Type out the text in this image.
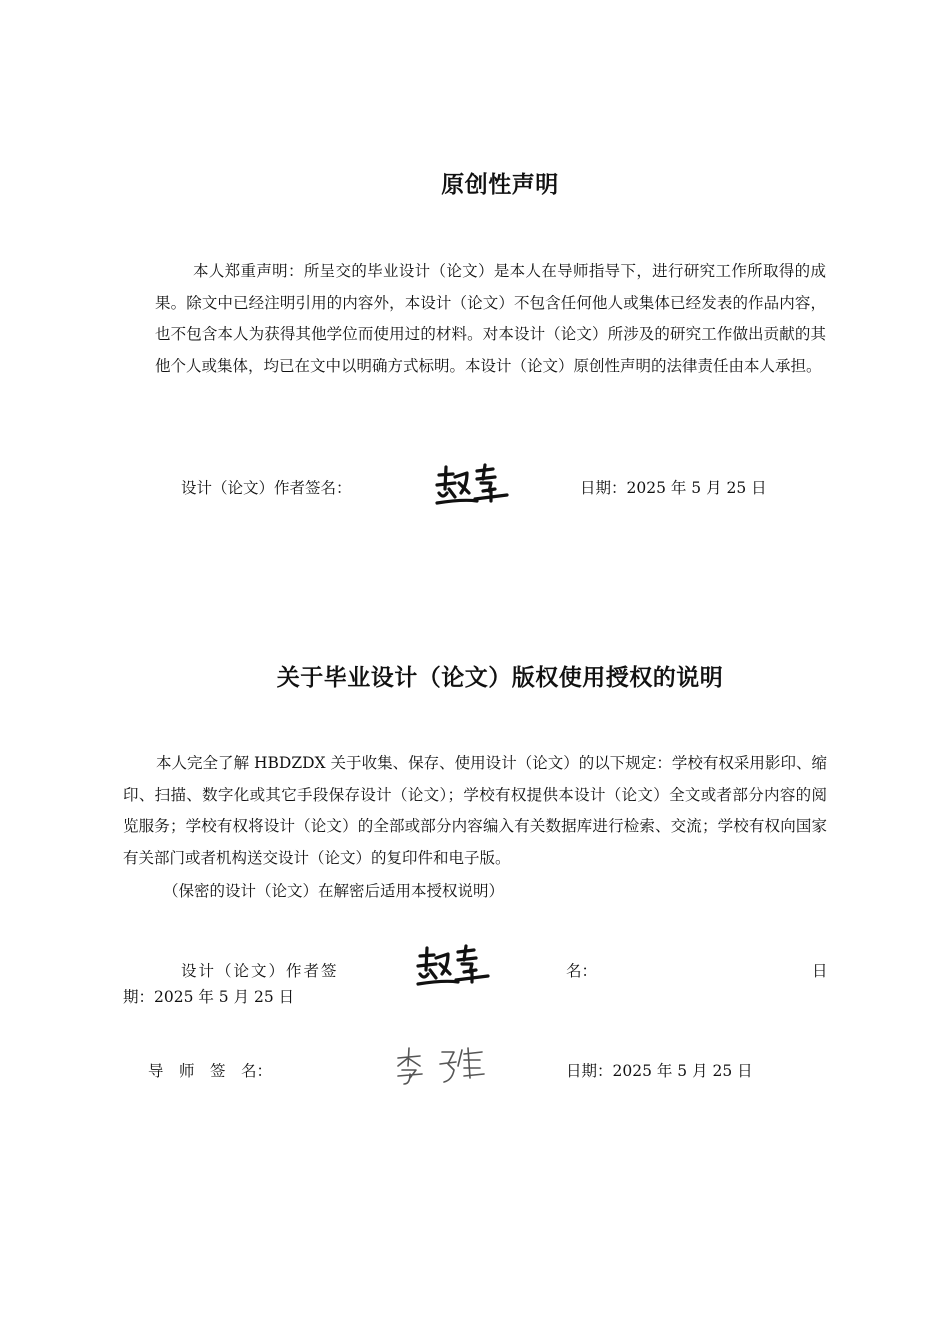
原创性声明
本人郑重声明：所呈交的毕业设计（论文）是本人在导师指导下，进行研究工作所取得的成果。除文中已经注明引用的内容外，本设计（论文）不包含任何他人或集体已经发表的作品内容，也不包含本人为获得其他学位而使用过的材料。对本设计（论文）所涉及的研究工作做出贡献的其他个人或集体，均已在文中以明确方式标明。本设计（论文）原创性声明的法律责任由本人承担。
设计（论文）作者签名：	日期：2025 年 5 月 25 日
关于毕业设计（论文）版权使用授权的说明
本人完全了解 HBDZDX 关于收集、保存、使用设计（论文）的以下规定：学校有权采用影印、缩印、扫描、数字化或其它手段保存设计（论文）；学校有权提供本设计（论文）全文或者部分内容的阅览服务；学校有权将设计（论文）的全部或部分内容编入有关数据库进行检索、交流；学校有权向国家有关部门或者机构送交设计（论文）的复印件和电子版。
（保密的设计（论文）在解密后适用本授权说明）
设计（论文）作者签	名：	日
期：2025 年 5 月 25 日
导　师　签　名：	日期：2025 年 5 月 25 日
